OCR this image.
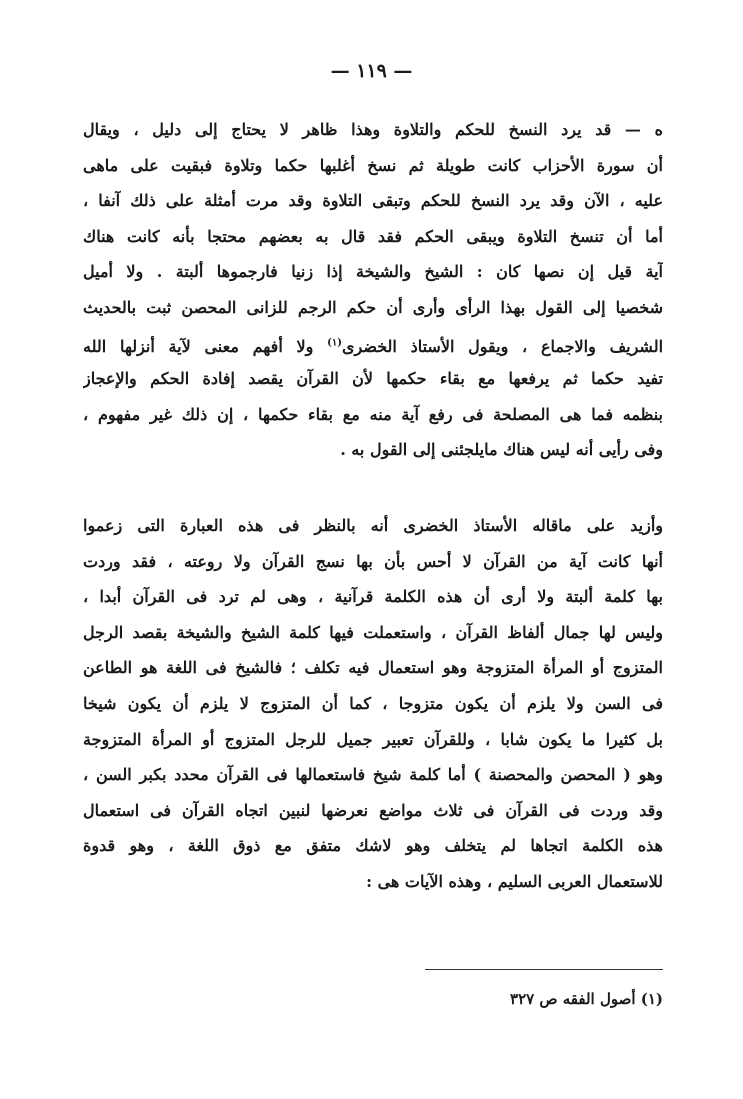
— ١١٩ —
ه — قد يرد النسخ للحكم والتلاوة وهذا ظاهر لا يحتاج إلى دليل ، ويقال
أن سورة الأحزاب كانت طويلة ثم نسخ أغلبها حكما وتلاوة فبقيت على ماهى
عليه ، الآن وقد يرد النسخ للحكم وتبقى التلاوة وقد مرت أمثلة على ذلك آنفا ،
أما أن تنسخ التلاوة ويبقى الحكم فقد قال به بعضهم محتجا بأنه كانت هناك
آية قيل إن نصها كان : الشيخ والشيخة إذا زنيا فارجموها ألبتة . ولا أميل
شخصيا إلى القول بهذا الرأى وأرى أن حكم الرجم للزانى المحصن ثبت بالحديث
الشريف والاجماع ، ويقول الأستاذ الخضرى$^{(١)}$ ولا أفهم معنى لآية أنزلها الله
تفيد حكما ثم يرفعها مع بقاء حكمها لأن القرآن يقصد إفادة الحكم والإعجاز
بنظمه فما هى المصلحة فى رفع آية منه مع بقاء حكمها ، إن ذلك غير مفهوم ،
وفى رأيى أنه ليس هناك مايلجئنى إلى القول به .
وأزيد على ماقاله الأستاذ الخضرى أنه بالنظر فى هذه العبارة التى زعموا
أنها كانت آية من القرآن لا أحس بأن بها نسج القرآن ولا روعته ، فقد وردت
بها كلمة ألبتة ولا أرى أن هذه الكلمة قرآنية ، وهى لم ترد فى القرآن أبدا ،
وليس لها جمال ألفاظ القرآن ، واستعملت فيها كلمة الشيخ والشيخة بقصد الرجل
المتزوج أو المرأة المتزوجة وهو استعمال فيه تكلف ؛ فالشيخ فى اللغة هو الطاعن
فى السن ولا يلزم أن يكون متزوجا ، كما أن المتزوج لا يلزم أن يكون شيخا
بل كثيرا ما يكون شابا ، وللقرآن تعبير جميل للرجل المتزوج أو المرأة المتزوجة
وهو ( المحصن والمحصنة ) أما كلمة شيخ فاستعمالها فى القرآن محدد بكبر السن ،
وقد وردت فى القرآن فى ثلاث مواضع نعرضها لنبين اتجاه القرآن فى استعمال
هذه الكلمة اتجاها لم يتخلف وهو لاشك متفق مع ذوق اللغة ، وهو قدوة
للاستعمال العربى السليم ، وهذه الآيات هى :
(١) أصول الفقه ص ٣٢٧
